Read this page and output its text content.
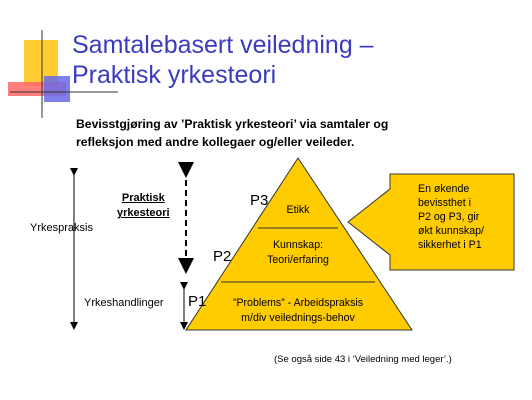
Samtalebasert veiledning –
Praktisk yrkesteori
Bevisstgjøring av ’Praktisk yrkesteori’ via samtaler og
refleksjon med andre kollegaer og/eller veileder.
Yrkespraksis
Yrkeshandlinger
Praktisk
yrkesteori
P3
P2
P1
Etikk
Kunnskap:
Teori/erfaring
”Problems” - Arbeidspraksis
m/div veilednings-behov
En økende
bevissthet i
P2 og P3, gir
økt kunnskap/
sikkerhet i P1
(Se også side 43 i ’Veiledning med leger’.)
